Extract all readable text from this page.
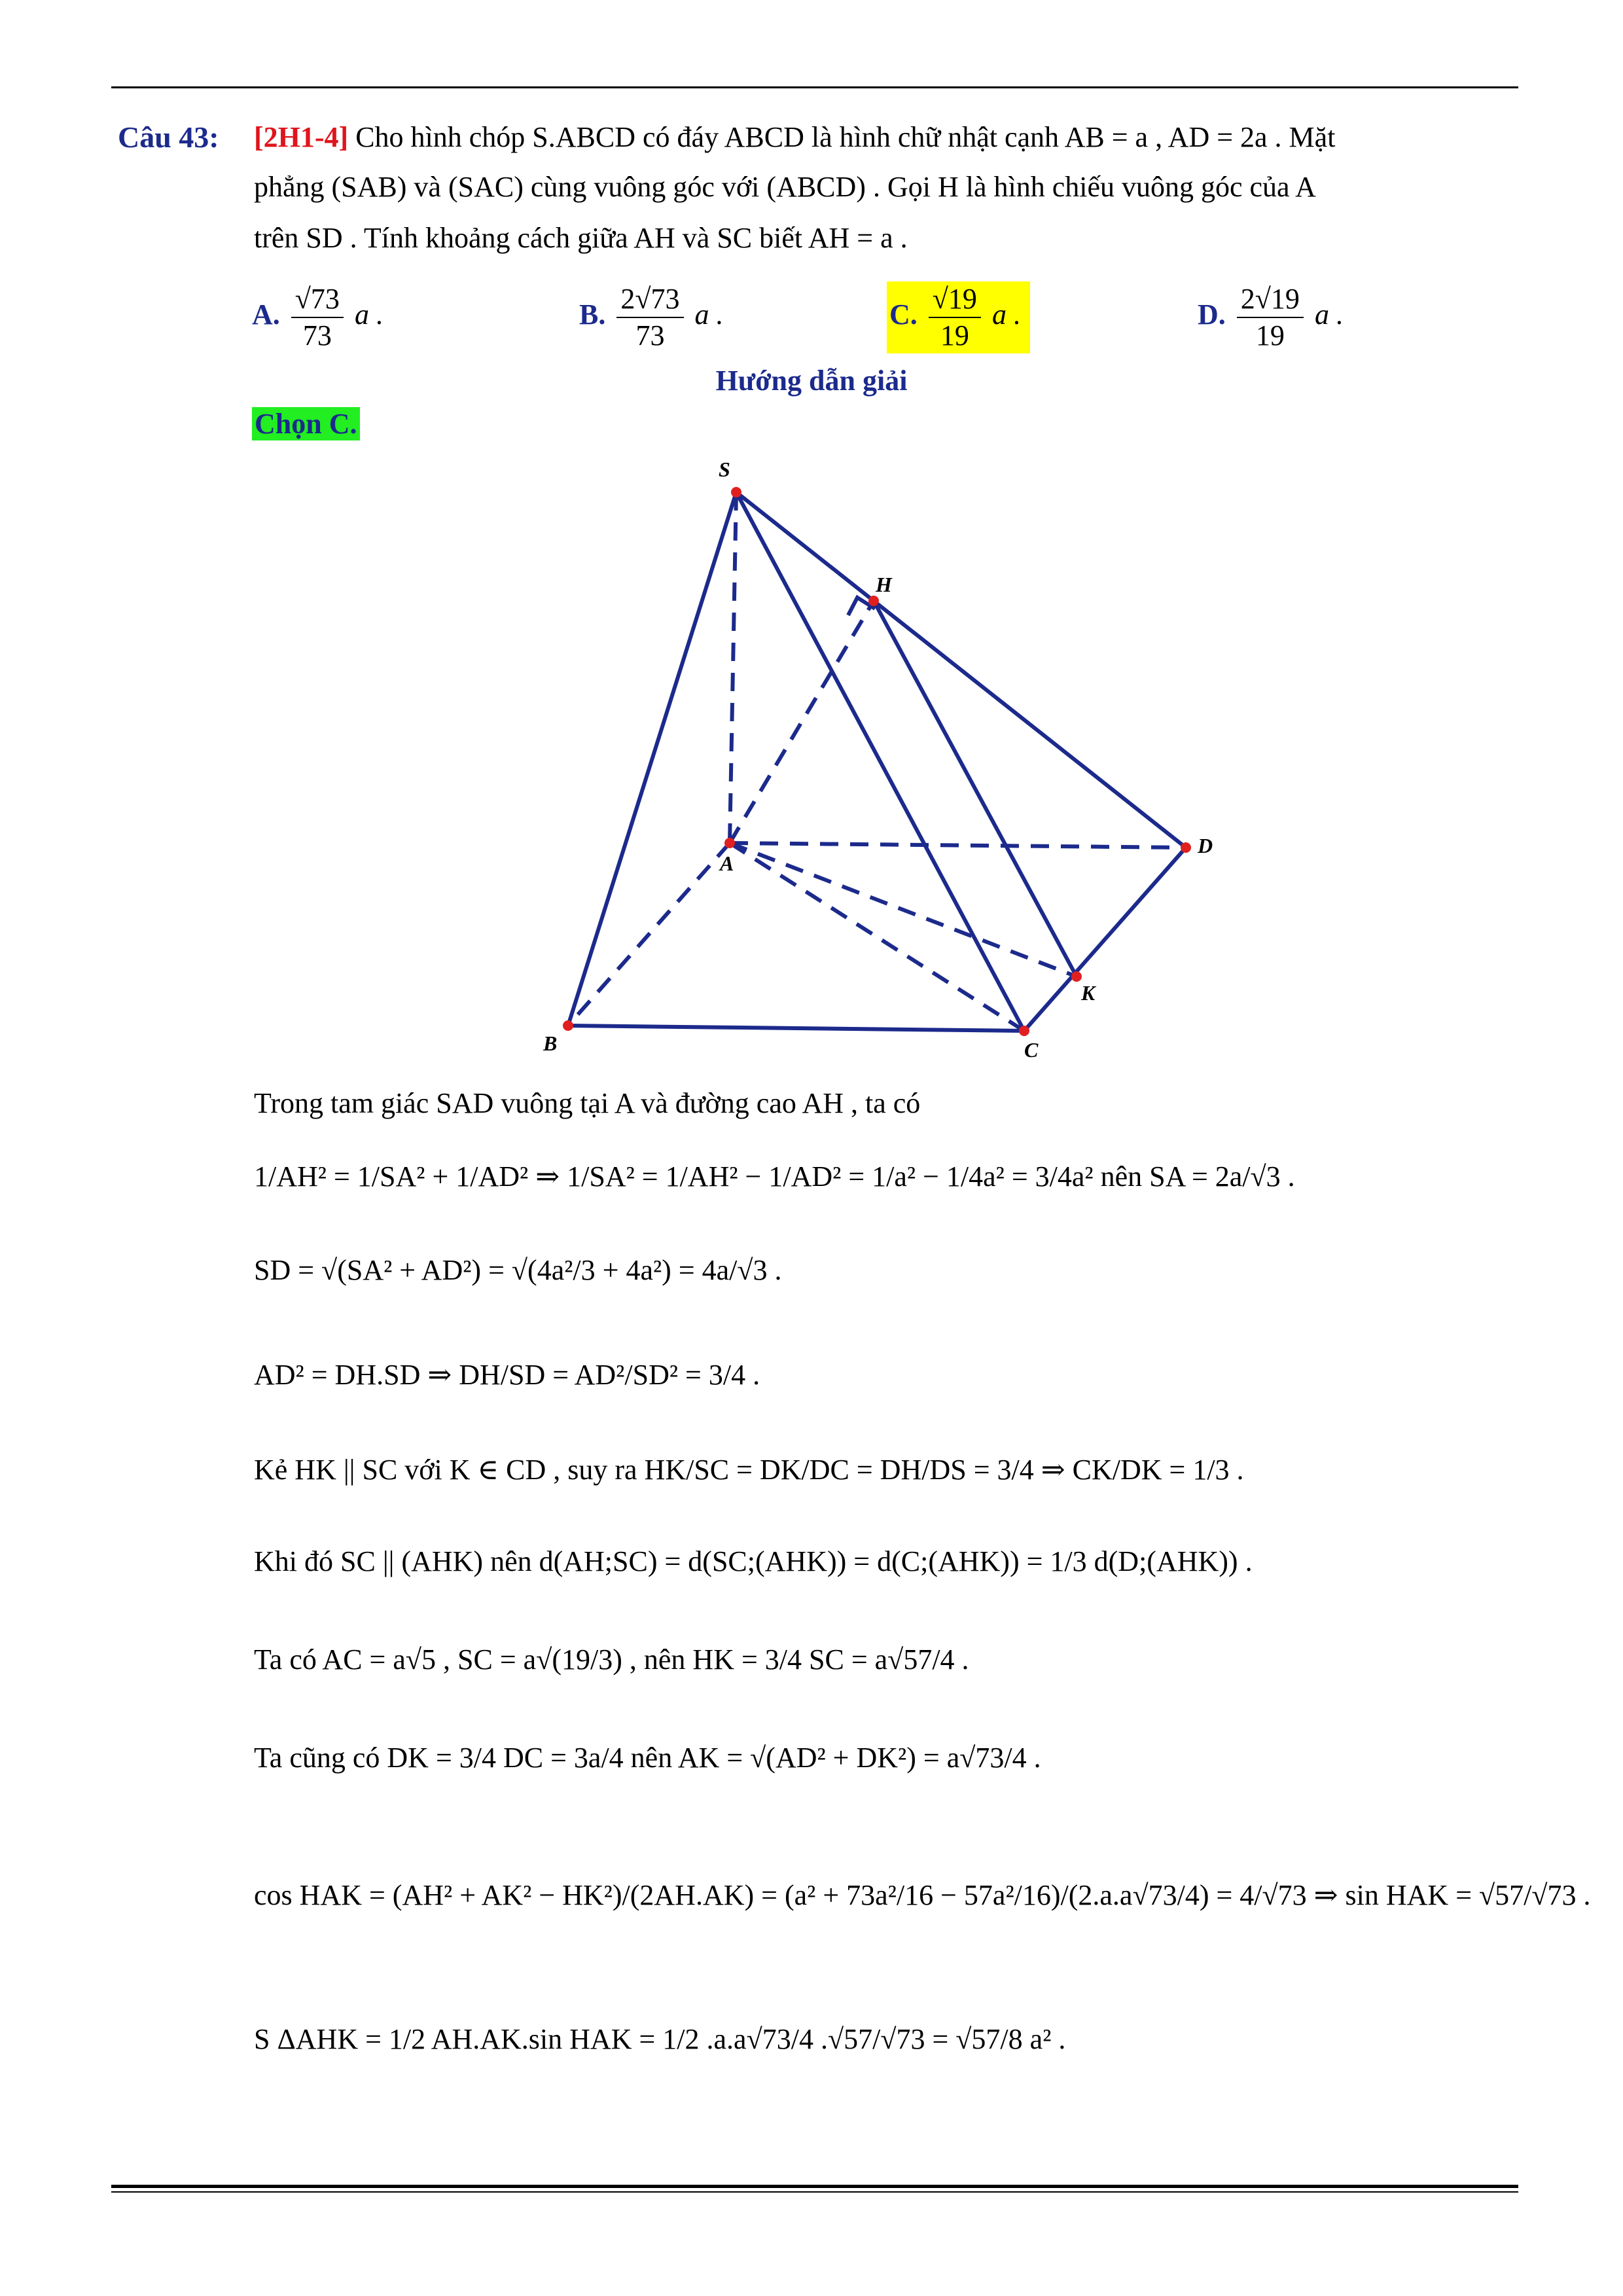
Câu 43: [2H1-4] Cho hình chóp S.ABCD có đáy ABCD là hình chữ nhật cạnh AB = a , AD = 2a . Mặt
phẳng (SAB) và (SAC) cùng vuông góc với (ABCD) . Gọi H là hình chiếu vuông góc của A
trên SD . Tính khoảng cách giữa AH và SC biết AH = a .
A. $\frac{√73}{73}$ a .	B. $\frac{2√73}{73}$ a .	C. $\frac{√19}{19}$ a .	D. $\frac{2√19}{19}$ a .
Hướng dẫn giải
Chọn C.
S
H
A
D
K
B	C
Trong tam giác SAD vuông tại A và đường cao AH , ta có
1/AH² = 1/SA² + 1/AD² ⇒ 1/SA² = 1/AH² − 1/AD² = 1/a² − 1/4a² = 3/4a² nên SA = 2a/√3 .
SD = √(SA² + AD²) = √(4a²/3 + 4a²) = 4a/√3 .
AD² = DH.SD ⇒ DH/SD = AD²/SD² = 3/4 .
Kẻ HK || SC với K ∈ CD , suy ra HK/SC = DK/DC = DH/DS = 3/4 ⇒ CK/DK = 1/3 .
Khi đó SC || (AHK) nên d(AH;SC) = d(SC;(AHK)) = d(C;(AHK)) = 1/3 d(D;(AHK)) .
Ta có AC = a√5 , SC = a√(19/3) , nên HK = 3/4 SC = a√57/4 .
Ta cũng có DK = 3/4 DC = 3a/4 nên AK = √(AD² + DK²) = a√73/4 .
cos HAK = (AH² + AK² − HK²)/(2AH.AK) = (a² + 73a²/16 − 57a²/16)/(2.a.a√73/4) = 4/√73 ⇒ sin HAK = √57/√73 .
S ΔAHK = 1/2 AH.AK.sin HAK = 1/2 .a.a√73/4 .√57/√73 = √57/8 a² .
